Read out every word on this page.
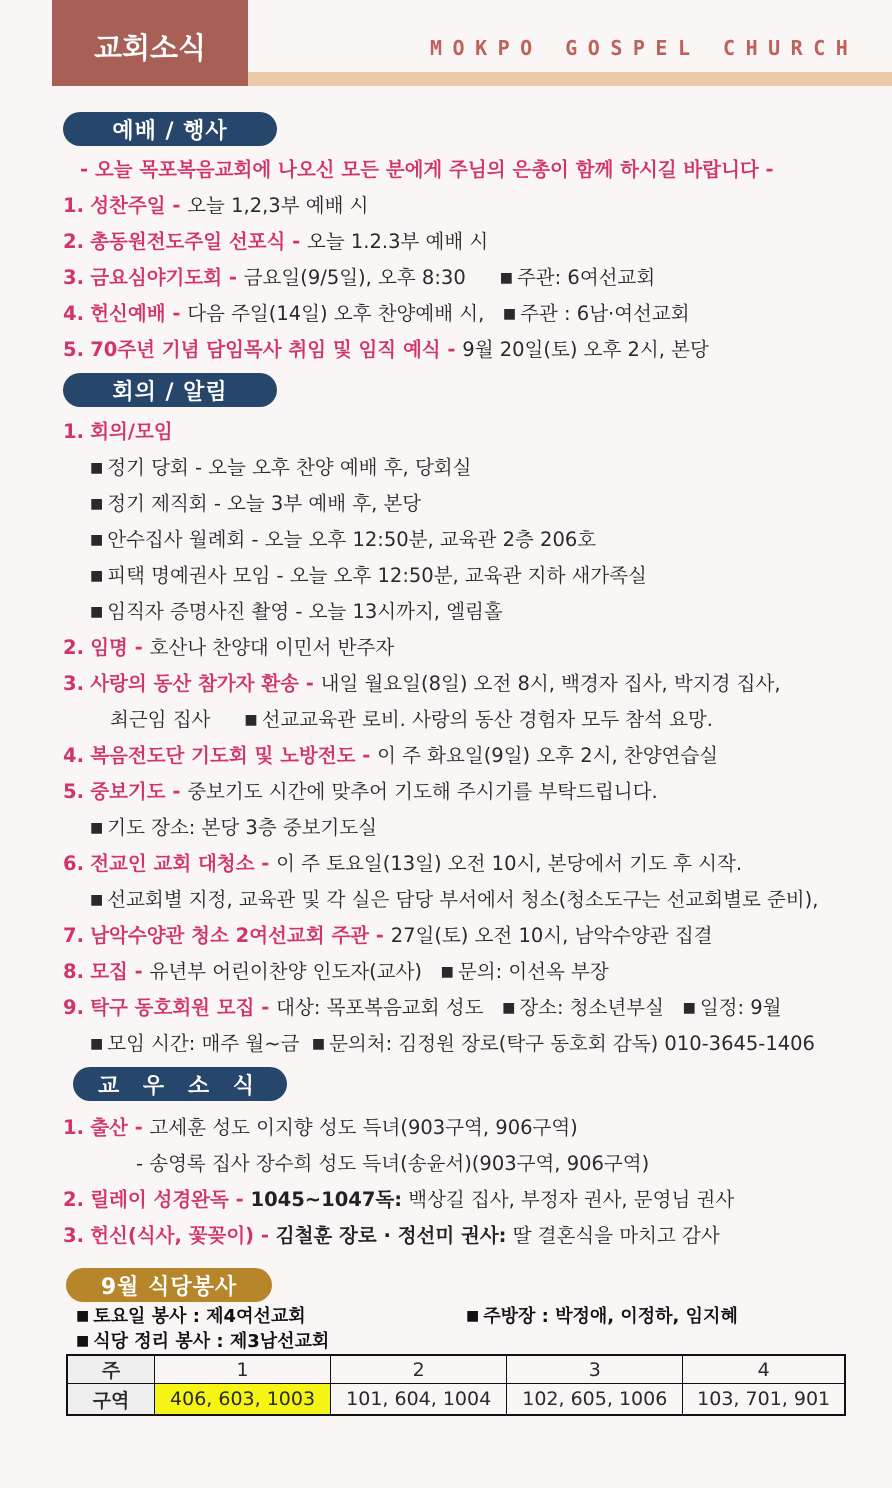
교회소식	MOKPO GOSPEL CHURCH
예배 / 행사
- 오늘 목포복음교회에 나오신 모든 분에게 주님의 은총이 함께 하시길 바랍니다 -
1. 성찬주일 - 오늘 1,2,3부 예배 시
2. 총동원전도주일 선포식 - 오늘 1.2.3부 예배 시
3. 금요심야기도회 - 금요일(9/5일), 오후 8:30 ■ 주관: 6여선교회
4. 헌신예배 - 다음 주일(14일) 오후 찬양예배 시, ■ 주관 : 6남·여선교회
5. 70주년 기념 담임목사 취임 및 임직 예식 - 9월 20일(토) 오후 2시, 본당
회의 / 알림
1. 회의/모임
■ 정기 당회 - 오늘 오후 찬양 예배 후, 당회실
■ 정기 제직회 - 오늘 3부 예배 후, 본당
■ 안수집사 월례회 - 오늘 오후 12:50분, 교육관 2층 206호
■ 피택 명예권사 모임 - 오늘 오후 12:50분, 교육관 지하 새가족실
■ 임직자 증명사진 촬영 - 오늘 13시까지, 엘림홀
2. 임명 - 호산나 찬양대 이민서 반주자
3. 사랑의 동산 참가자 환송 - 내일 월요일(8일) 오전 8시, 백경자 집사, 박지경 집사,
최근임 집사 ■ 선교교육관 로비. 사랑의 동산 경험자 모두 참석 요망.
4. 복음전도단 기도회 및 노방전도 - 이 주 화요일(9일) 오후 2시, 찬양연습실
5. 중보기도 - 중보기도 시간에 맞추어 기도해 주시기를 부탁드립니다.
■ 기도 장소: 본당 3층 중보기도실
6. 전교인 교회 대청소 - 이 주 토요일(13일) 오전 10시, 본당에서 기도 후 시작.
■ 선교회별 지정, 교육관 및 각 실은 담당 부서에서 청소(청소도구는 선교회별로 준비),
7. 남악수양관 청소 2여선교회 주관 - 27일(토) 오전 10시, 남악수양관 집결
8. 모집 - 유년부 어린이찬양 인도자(교사) ■ 문의: 이선옥 부장
9. 탁구 동호회원 모집 - 대상: 목포복음교회 성도 ■ 장소: 청소년부실 ■ 일정: 9월
■ 모임 시간: 매주 월~금 ■ 문의처: 김정원 장로(탁구 동호회 감독) 010-3645-1406
교 우 소 식
1. 출산 - 고세훈 성도 이지향 성도 득녀(903구역, 906구역)
- 송영록 집사 장수희 성도 득녀(송윤서)(903구역, 906구역)
2. 릴레이 성경완독 - 1045~1047독: 백상길 집사, 부정자 권사, 문영님 권사
3. 헌신(식사, 꽃꽂이) - 김철훈 장로 · 정선미 권사: 딸 결혼식을 마치고 감사
9월 식당봉사
■ 토요일 봉사 : 제4여선교회	■ 주방장 : 박정애, 이정하, 임지혜
■ 식당 정리 봉사 : 제3남선교회
주	1	2	3	4
구역	406, 603, 1003	101, 604, 1004	102, 605, 1006	103, 701, 901
